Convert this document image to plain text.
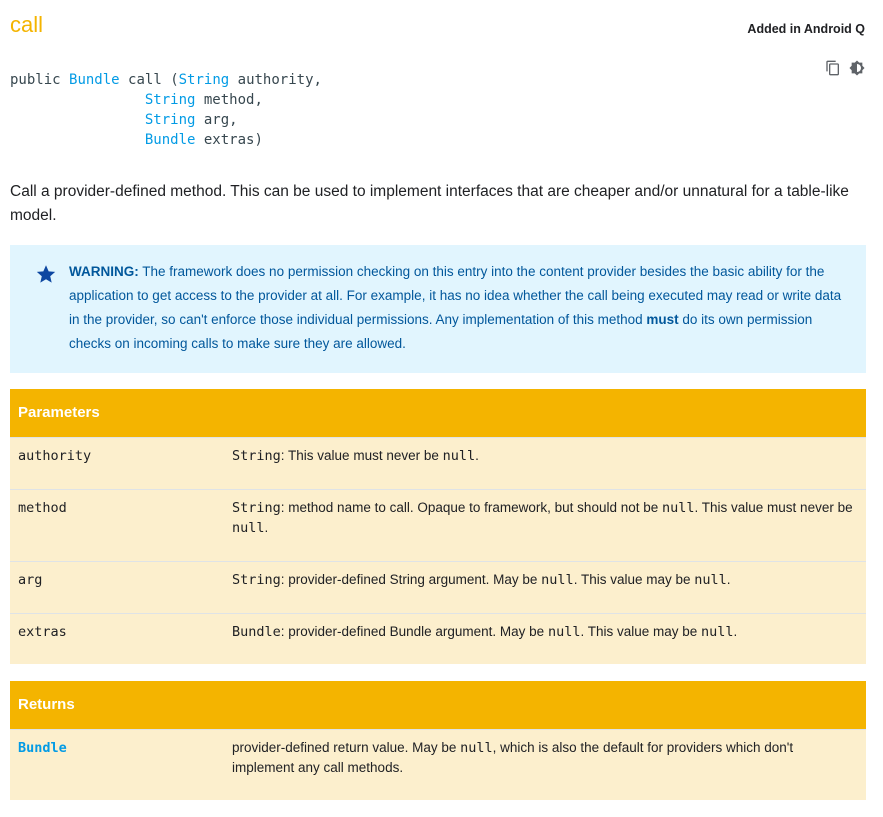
call	Added in Android Q
public Bundle call (String authority,
String method,
String arg,
Bundle extras)
Call a provider-defined method. This can be used to implement interfaces that are cheaper and/or unnatural for a table-like model.
WARNING: The framework does no permission checking on this entry into the content provider besides the basic ability for the application to get access to the provider at all. For example, it has no idea whether the call being executed may read or write data in the provider, so can't enforce those individual permissions. Any implementation of this method must do its own permission checks on incoming calls to make sure they are allowed.
Parameters	
authority	String: This value must never be null.
method	String: method name to call. Opaque to framework, but should not be null. This value must never be null.
arg	String: provider-defined String argument. May be null. This value may be null.
extras	Bundle: provider-defined Bundle argument. May be null. This value may be null.
Returns
Bundle	provider-defined return value. May be null, which is also the default for providers which don't implement any call methods.
